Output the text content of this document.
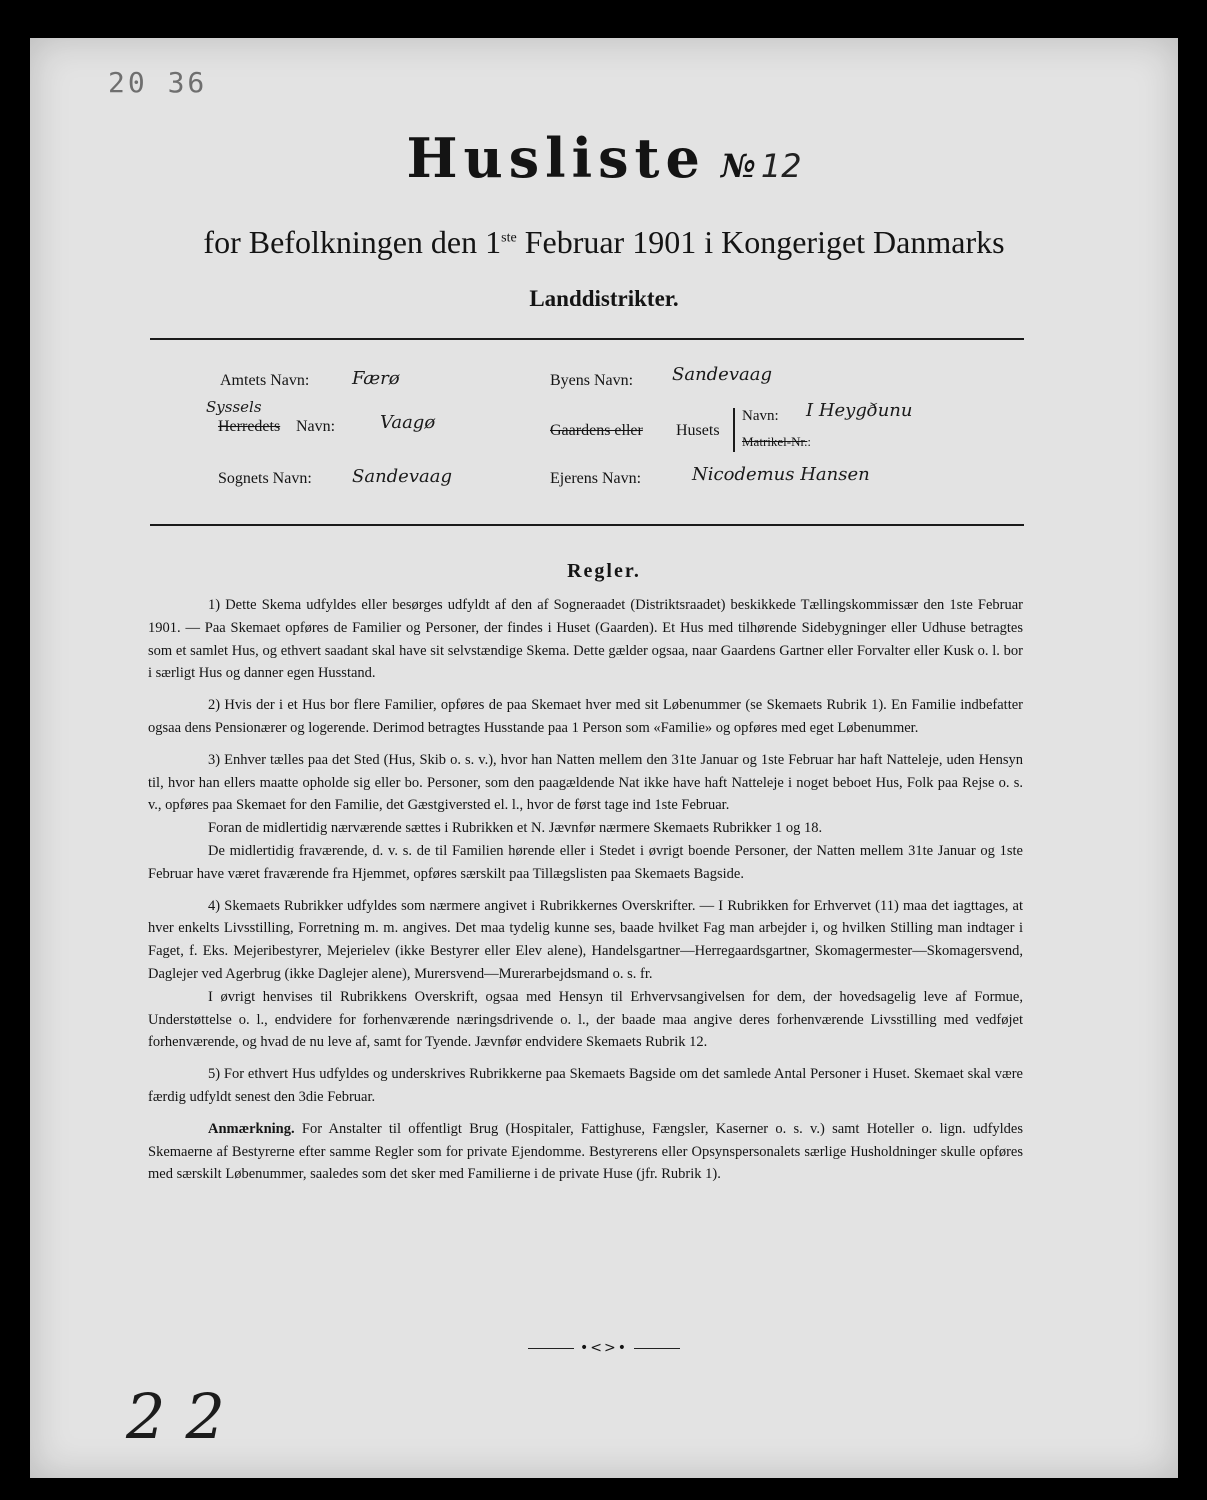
20 36
Husliste № 12
for Befolkningen den 1ste Februar 1901 i Kongeriget Danmarks
Landdistrikter.
Amtets Navn: Færø
Syssels
Herredets Navn: Vaagø
Sognets Navn: Sandevaag
Byens Navn: Sandevaag
Gaardens eller Husets
Navn: I Heygðunu
Matrikel-Nr.:
Ejerens Navn:	Nicodemus Hansen
Regler.

1) Dette Skema udfyldes eller besørges udfyldt af den af Sogneraadet (Distriktsraadet) beskikkede Tællingskommissær den 1ste Februar 1901. — Paa Skemaet opføres de Familier og Personer, der findes i Huset (Gaarden). Et Hus med tilhørende Sidebygninger eller Udhuse betragtes som et samlet Hus, og ethvert saadant skal have sit selvstændige Skema. Dette gælder ogsaa, naar Gaardens Gartner eller Forvalter eller Kusk o. l. bor i særligt Hus og danner egen Husstand.

2) Hvis der i et Hus bor flere Familier, opføres de paa Skemaet hver med sit Løbenummer (se Skemaets Rubrik 1). En Familie indbefatter ogsaa dens Pensionærer og logerende. Derimod betragtes Husstande paa 1 Person som «Familie» og opføres med eget Løbenummer.

3) Enhver tælles paa det Sted (Hus, Skib o. s. v.), hvor han Natten mellem den 31te Januar og 1ste Februar har haft Natteleje, uden Hensyn til, hvor han ellers maatte opholde sig eller bo. Personer, som den paagældende Nat ikke have haft Natteleje i noget beboet Hus, Folk paa Rejse o. s. v., opføres paa Skemaet for den Familie, det Gæstgiversted el. l., hvor de først tage ind 1ste Februar.

Foran de midlertidig nærværende sættes i Rubrikken et N. Jævnfør nærmere Skemaets Rubrikker 1 og 18.

De midlertidig fraværende, d. v. s. de til Familien hørende eller i Stedet i øvrigt boende Personer, der Natten mellem 31te Januar og 1ste Februar have været fraværende fra Hjemmet, opføres særskilt paa Tillægslisten paa Skemaets Bagside.

4) Skemaets Rubrikker udfyldes som nærmere angivet i Rubrikkernes Overskrifter. — I Rubrikken for Erhvervet (11) maa det iagttages, at hver enkelts Livsstilling, Forretning m. m. angives. Det maa tydelig kunne ses, baade hvilket Fag man arbejder i, og hvilken Stilling man indtager i Faget, f. Eks. Mejeribestyrer, Mejerielev (ikke Bestyrer eller Elev alene), Handelsgartner—Herregaardsgartner, Skomagermester—Skomagersvend, Daglejer ved Agerbrug (ikke Daglejer alene), Murersvend—Murerarbejdsmand o. s. fr.

I øvrigt henvises til Rubrikkens Overskrift, ogsaa med Hensyn til Erhvervsangivelsen for dem, der hovedsagelig leve af Formue, Understøttelse o. l., endvidere for forhenværende næringsdrivende o. l., der baade maa angive deres forhenværende Livsstilling med vedføjet forhenværende, og hvad de nu leve af, samt for Tyende. Jævnfør endvidere Skemaets Rubrik 12.

5) For ethvert Hus udfyldes og underskrives Rubrikkerne paa Skemaets Bagside om det samlede Antal Personer i Huset. Skemaet skal være færdig udfyldt senest den 3die Februar.

Anmærkning. For Anstalter til offentligt Brug (Hospitaler, Fattighuse, Fængsler, Kaserner o. s. v.) samt Hoteller o. lign. udfyldes Skemaerne af Bestyrerne efter samme Regler som for private Ejendomme. Bestyrerens eller Opsynspersonalets særlige Husholdninger skulle opføres med særskilt Løbenummer, saaledes som det sker med Familierne i de private Huse (jfr. Rubrik 1).

•<>•
22
